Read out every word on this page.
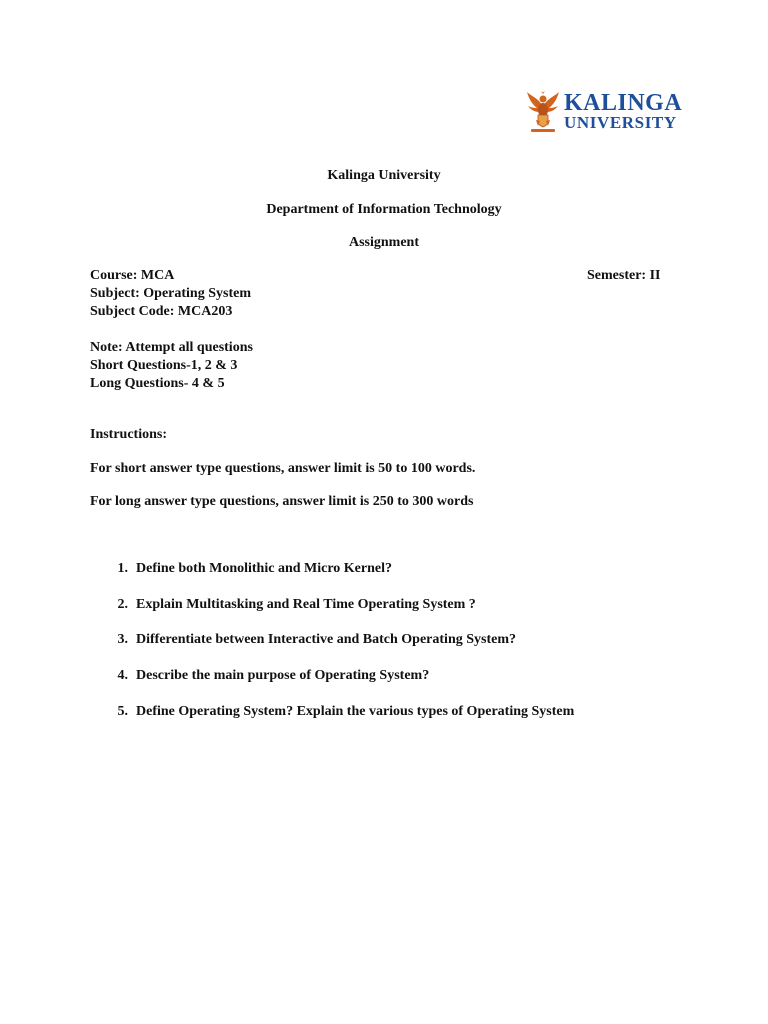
KALINGA
UNIVERSITY
Kalinga University
Department of Information Technology
Assignment
Course: MCA	Semester: II
Subject: Operating System
Subject Code: MCA203
Note: Attempt all questions
Short Questions-1, 2 & 3
Long Questions- 4 & 5
Instructions:
For short answer type questions, answer limit is 50 to 100 words.
For long answer type questions, answer limit is 250 to 300 words
1. Define both Monolithic and Micro Kernel?
2. Explain Multitasking and Real Time Operating System ?
3. Differentiate between Interactive and Batch Operating System?
4. Describe the main purpose of Operating System?
5. Define Operating System? Explain the various types of Operating System
